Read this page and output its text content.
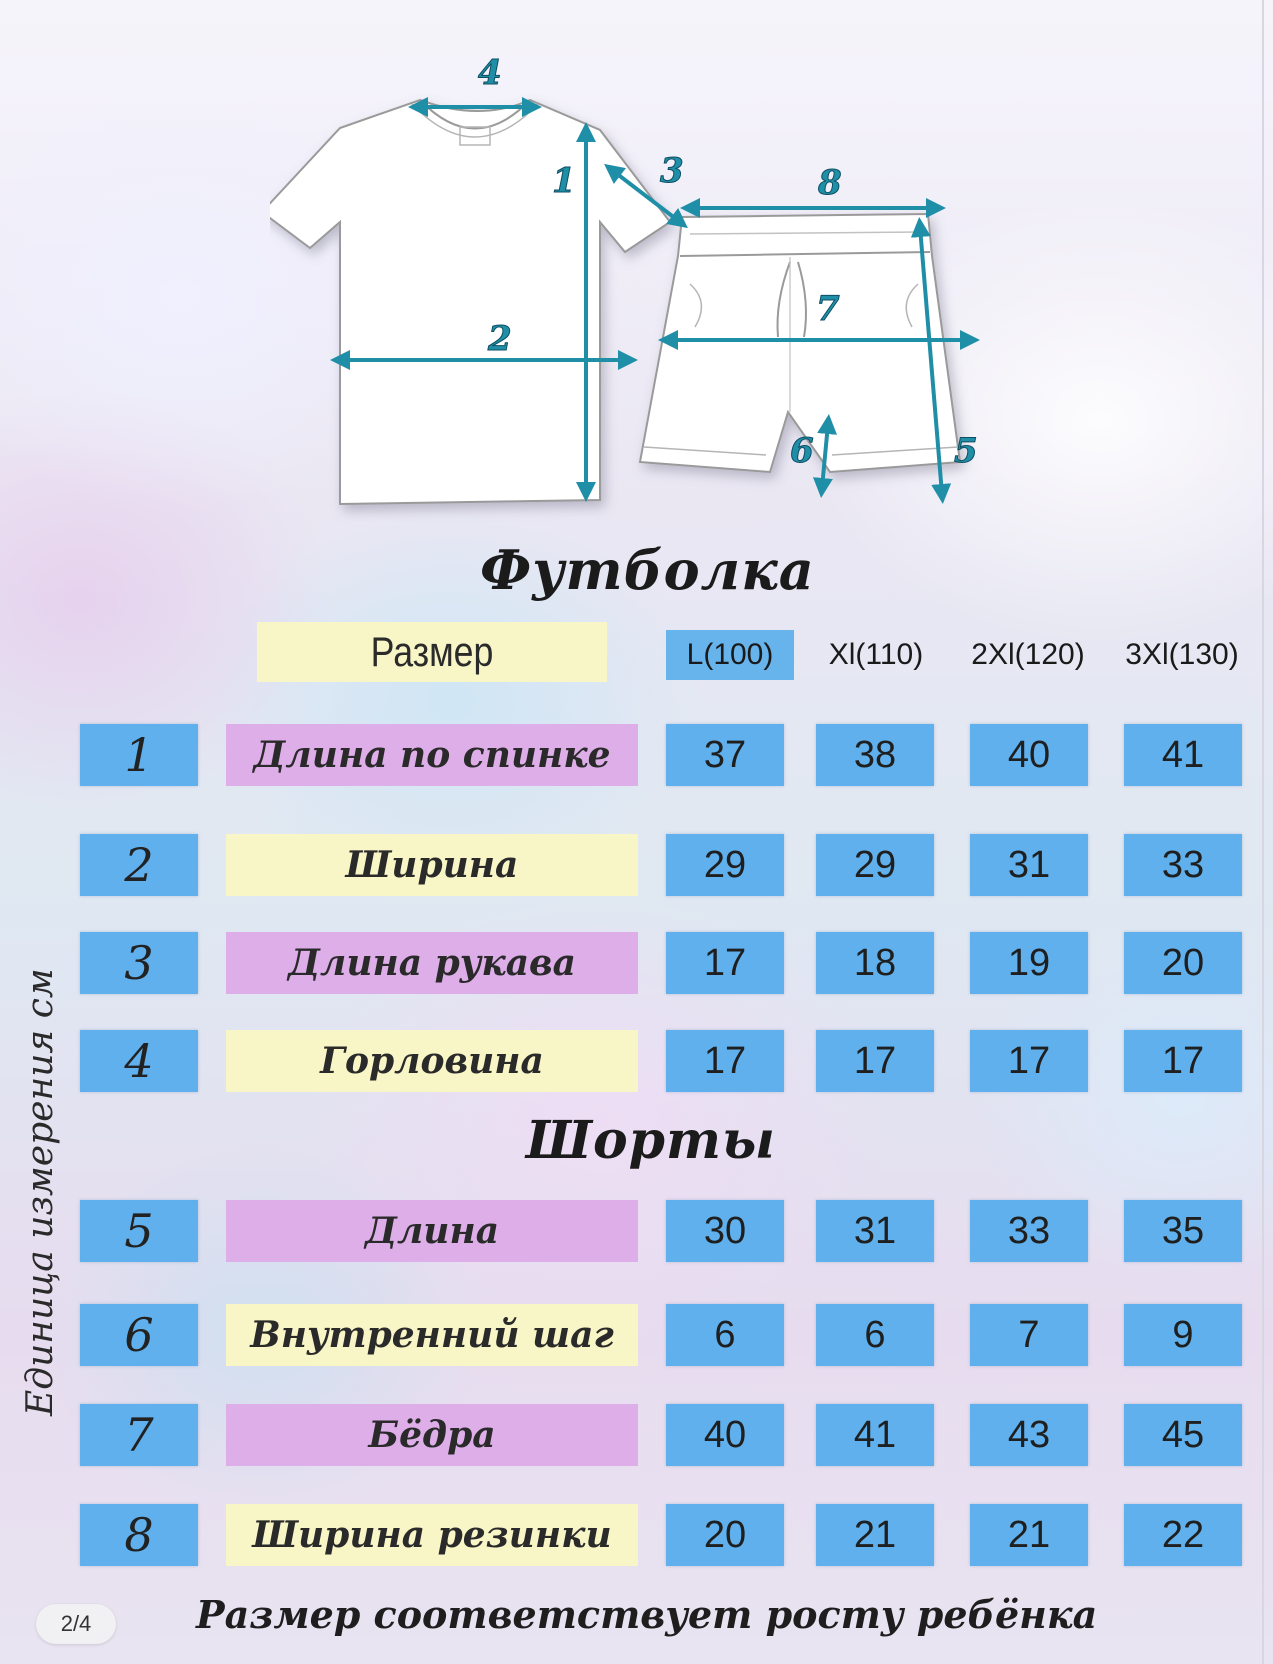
1
2
3
4
5
6
7
8
Футболка
Шорты
Размер	L(100)	Xl(110)	2Xl(120) 3Xl(130)
1	Длина по спинке	37	38	40	41
2	Ширина	29	29	31	33
3	Длина рукава	17	18	19	20
4	Горловина	17	17	17	17
5	Длина	30	31	33	35
6	Внутренний шаг	6	6	7	9
7	Бёдра	40	41	43	45
8	Ширина резинки	20	21	21	22
Единица измерения см
Размер соответствует росту ребёнка
2/4
